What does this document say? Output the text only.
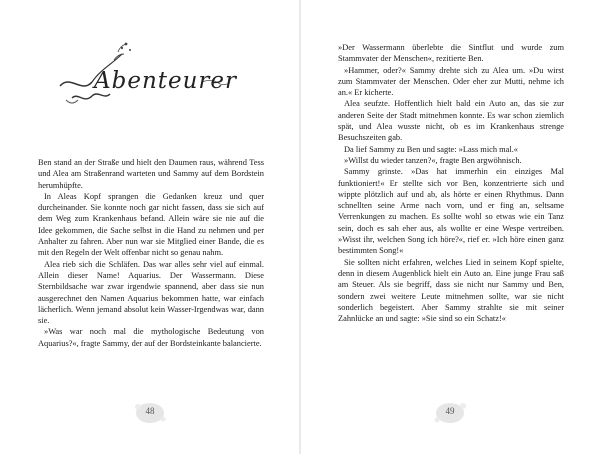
Abenteurer

Ben stand an der Straße und hielt den Daumen raus, während Tess und Alea am Straßenrand warteten und Sammy auf dem Bordstein herumhüpfte.

In Aleas Kopf sprangen die Gedanken kreuz und quer durcheinander. Sie konnte noch gar nicht fassen, dass sie sich auf dem Weg zum Krankenhaus befand. Allein wäre sie nie auf die Idee gekommen, die Sache selbst in die Hand zu nehmen und per Anhalter zu fahren. Aber nun war sie Mitglied einer Bande, die es mit den Regeln der Welt offenbar nicht so genau nahm.

Alea rieb sich die Schläfen. Das war alles sehr viel auf einmal. Allein dieser Name! Aquarius. Der Wassermann. Diese Sternbildsache war zwar irgendwie spannend, aber dass sie nun ausgerechnet den Namen Aquarius bekommen hatte, war einfach lächerlich. Wenn jemand absolut kein Wasser-Irgendwas war, dann sie.

»Was war noch mal die mythologische Bedeutung von Aquarius?«, fragte Sammy, der auf der Bordsteinkante balancierte.

48

»Der Wassermann überlebte die Sintflut und wurde zum Stammvater der Menschen«, rezitierte Ben.

»Hammer, oder?« Sammy drehte sich zu Alea um. »Du wirst zum Stammvater der Menschen. Oder eher zur Mutti, nehme ich an.« Er kicherte.

Alea seufzte. Hoffentlich hielt bald ein Auto an, das sie zur anderen Seite der Stadt mitnehmen konnte. Es war schon ziemlich spät, und Alea wusste nicht, ob es im Krankenhaus strenge Besuchszeiten gab.

Da lief Sammy zu Ben und sagte: »Lass mich mal.«

»Willst du wieder tanzen?«, fragte Ben argwöhnisch.

Sammy grinste. »Das hat immerhin ein einziges Mal funktioniert!« Er stellte sich vor Ben, konzentrierte sich und wippte plötzlich auf und ab, als hörte er einen Rhythmus. Dann schnellten seine Arme nach vorn, und er fing an, seltsame Verrenkungen zu machen. Es sollte wohl so etwas wie ein Tanz sein, doch es sah eher aus, als wollte er eine Wespe vertreiben. »Wisst ihr, welchen Song ich höre?«, rief er. »Ich höre einen ganz bestimmten Song!«

Sie sollten nicht erfahren, welches Lied in seinem Kopf spielte, denn in diesem Augenblick hielt ein Auto an. Eine junge Frau saß am Steuer. Als sie begriff, dass sie nicht nur Sammy und Ben, sondern zwei weitere Leute mitnehmen sollte, war sie nicht sonderlich begeistert. Aber Sammy strahlte sie mit seiner Zahnlücke an und sagte: »Sie sind so ein Schatz!«

49
